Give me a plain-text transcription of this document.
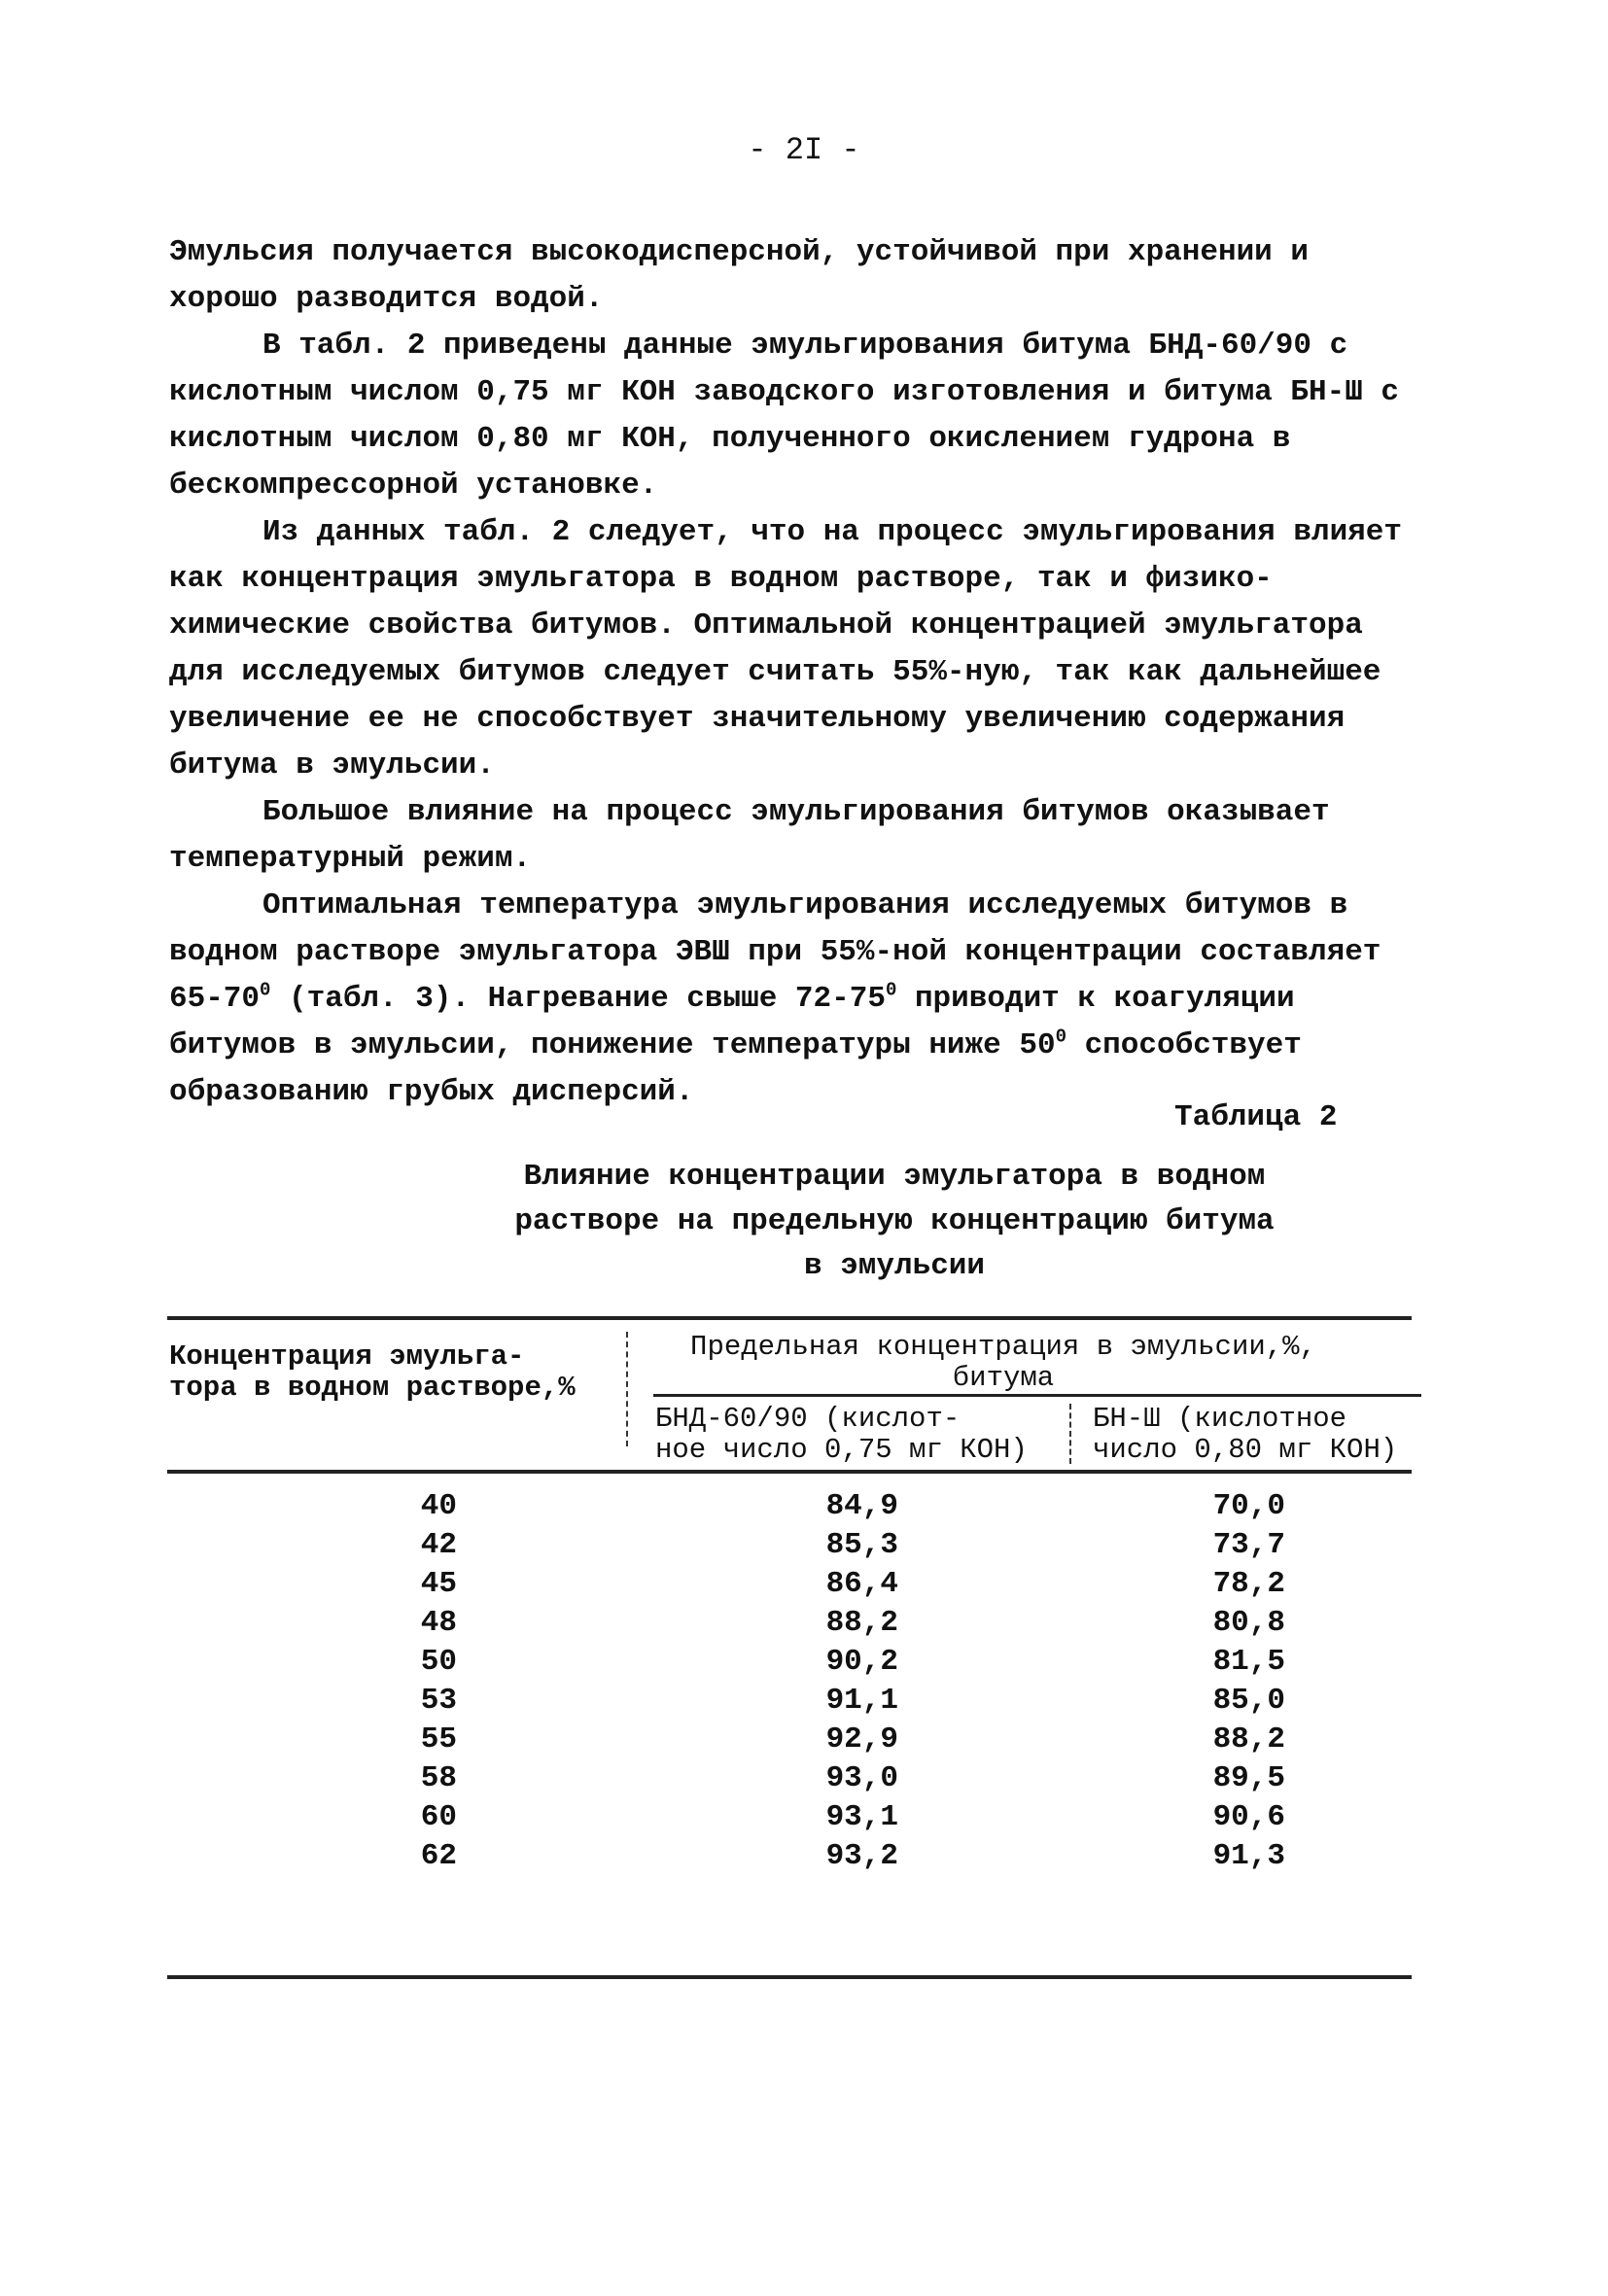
- 2I -

Эмульсия получается высокодисперсной, устойчивой при хранении и хорошо разводится водой.

В табл. 2 приведены данные эмульгирования битума БНД-60/90 с кислотным числом 0,75 мг КОН заводского изготовления и битума БН-Ш с кислотным числом 0,80 мг КОН, полученного окислением гудрона в бескомпрессорной установке.

Из данных табл. 2 следует, что на процесс эмульгирования влияет как концентрация эмульгатора в водном растворе, так и физико-химические свойства битумов. Оптимальной концентрацией эмульгатора для исследуемых битумов следует считать 55%-ную, так как дальнейшее увеличение ее не способствует значительному увеличению содержания битума в эмульсии.

Большое влияние на процесс эмульгирования битумов оказывает температурный режим.

Оптимальная температура эмульгирования исследуемых битумов в водном растворе эмульгатора ЭВШ при 55%-ной концентрации составляет $65-70^0$ (табл. 3). Нагревание свыше $72-75^0$ приводит к коагуляции битумов в эмульсии, понижение температуры ниже $50^0$ способствует образованию грубых дисперсий.

Таблица 2
Влияние концентрации эмульгатора в водном
растворе на предельную концентрацию битума
в эмульсии
Концентрация эмульга-
тора в водном растворе,%
Предельная концентрация в эмульсии,%,
битума
БНД-60/90 (кислот-
ное число 0,75 мг КОН)
БН-Ш (кислотное
число 0,80 мг КОН)
40	84,9	70,0
42	85,3	73,7
45	86,4	78,2
48	88,2	80,8
50	90,2	81,5
53	91,1	85,0
55	92,9	88,2
58	93,0	89,5
60	93,1	90,6
62	93,2	91,3
